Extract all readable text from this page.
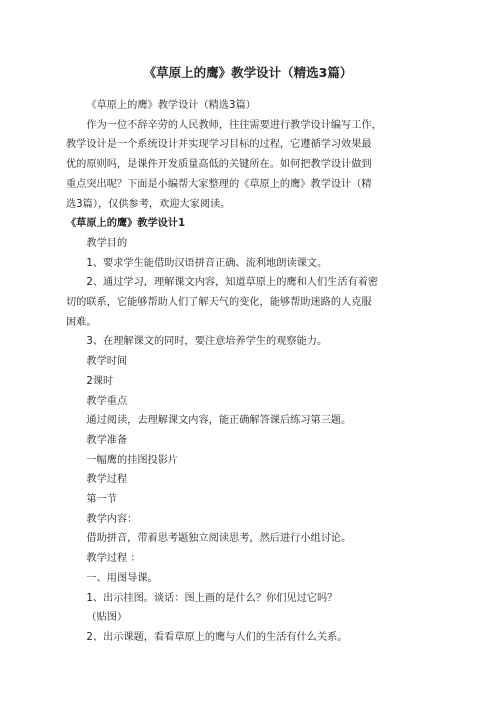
《草原上的鹰》教学设计（精选3篇）

《草原上的鹰》教学设计（精选3篇）

作为一位不辞辛劳的人民教师，往往需要进行教学设计编写工作，

教学设计是一个系统设计并实现学习目标的过程，它遵循学习效果最

优的原则吗，是课件开发质量高低的关键所在。如何把教学设计做到

重点突出呢？下面是小编帮大家整理的《草原上的鹰》教学设计（精

选3篇），仅供参考，欢迎大家阅读。

《草原上的鹰》教学设计1

教学目的

1、要求学生能借助汉语拼音正确、流利地朗读课文。

2、通过学习，理解课文内容，知道草原上的鹰和人们生活有着密

切的联系，它能够帮助人们了解天气的变化，能够帮助迷路的人克服

困难。

3、在理解课文的同时，要注意培养学生的观察能力。

教学时间

2课时

教学重点

通过阅读，去理解课文内容，能正确解答课后练习第三题。

教学准备

一幅鹰的挂图投影片

教学过程

第一节

教学内容：

借助拼音，带着思考题独立阅读思考，然后进行小组讨论。

教学过程 ：

一、用图导课。

1、出示挂图。谈话：图上画的是什么？你们见过它吗？

（贴图）

2、出示课题，看看草原上的鹰与人们的生活有什么关系。
